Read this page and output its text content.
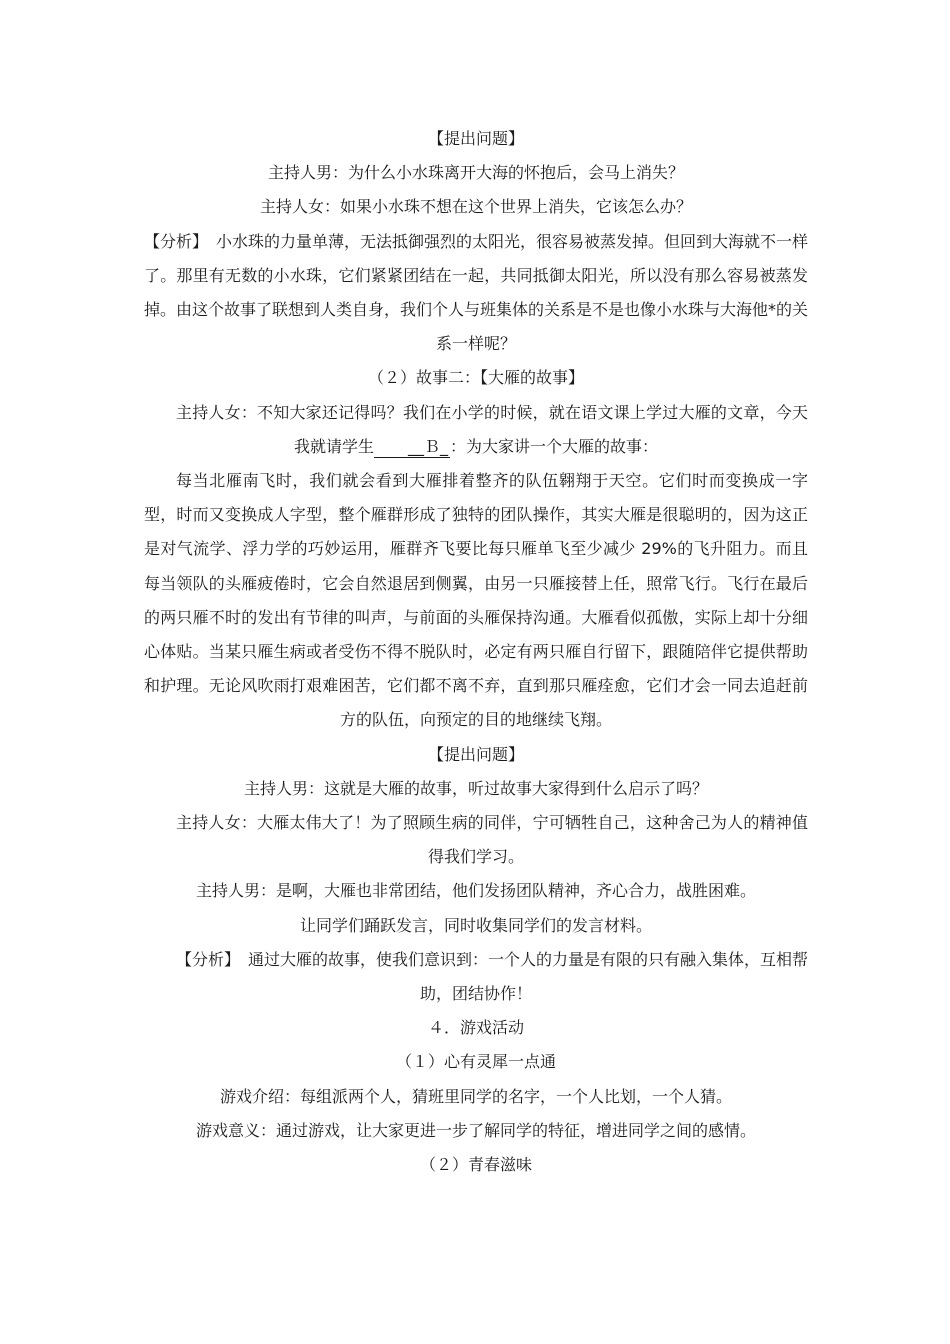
【提出问题】

主持人男：为什么小水珠离开大海的怀抱后，会马上消失？

主持人女：如果小水珠不想在这个世界上消失，它该怎么办？

【分析】　小水珠的力量单薄，无法抵御强烈的太阳光，很容易被蒸发掉。但回到大海就不一样了。那里有无数的小水珠，它们紧紧团结在一起，共同抵御太阳光，所以没有那么容易被蒸发掉。由这个故事了联想到人类自身，我们个人与班集体的关系是不是也像小水珠与大海他*的关系一样呢？

（２）故事二：【大雁的故事】

主持人女：不知大家还记得吗？我们在小学的时候，就在语文课上学过大雁的文章，今天我就请学生 __Ｂ_ ：为大家讲一个大雁的故事：

每当北雁南飞时，我们就会看到大雁排着整齐的队伍翱翔于天空。它们时而变换成一字型，时而又变换成人字型，整个雁群形成了独特的团队操作，其实大雁是很聪明的，因为这正是对气流学、浮力学的巧妙运用，雁群齐飞要比每只雁单飞至少减少 29%的飞升阻力。而且每当领队的头雁疲倦时，它会自然退居到侧翼，由另一只雁接替上任，照常飞行。飞行在最后的两只雁不时的发出有节律的叫声，与前面的头雁保持沟通。大雁看似孤傲，实际上却十分细心体贴。当某只雁生病或者受伤不得不脱队时，必定有两只雁自行留下，跟随陪伴它提供帮助和护理。无论风吹雨打艰难困苦，它们都不离不弃，直到那只雁痊愈，它们才会一同去追赶前方的队伍，向预定的目的地继续飞翔。

【提出问题】

主持人男：这就是大雁的故事，听过故事大家得到什么启示了吗？

主持人女：大雁太伟大了！为了照顾生病的同伴，宁可牺牲自己，这种舍己为人的精神值得我们学习。

主持人男：是啊，大雁也非常团结，他们发扬团队精神，齐心合力，战胜困难。

让同学们踊跃发言，同时收集同学们的发言材料。

【分析】　通过大雁的故事，使我们意识到：一个人的力量是有限的只有融入集体，互相帮助，团结协作！

４．游戏活动

（１）心有灵犀一点通

游戏介绍：每组派两个人，猜班里同学的名字，一个人比划，一个人猜。

游戏意义：通过游戏，让大家更进一步了解同学的特征，增进同学之间的感情。

（２）青春滋味
